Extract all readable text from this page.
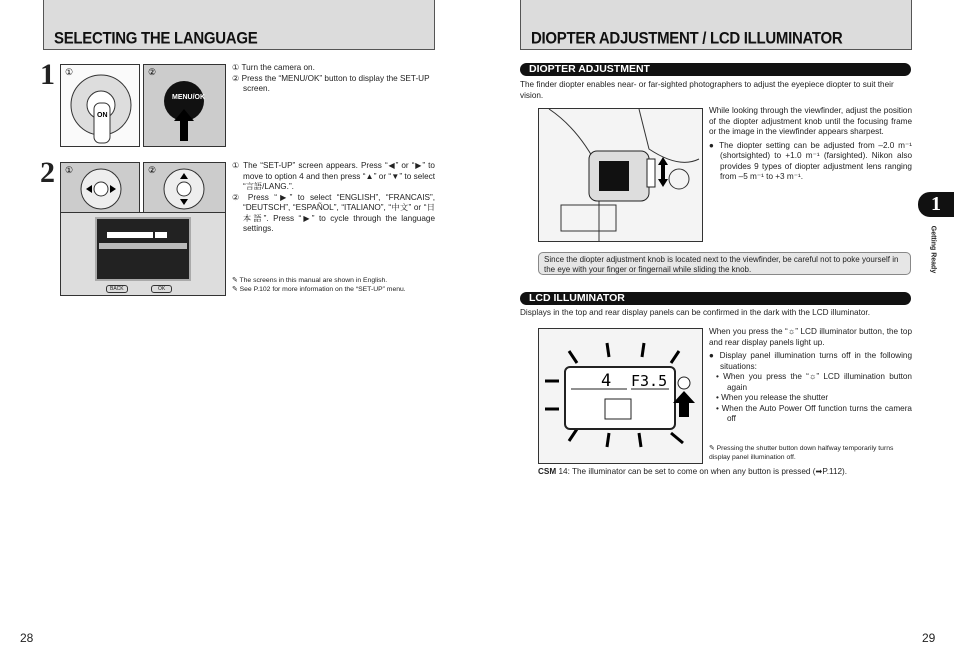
SELECTING THE LANGUAGE
1
ON
①
MENU/OK
②	① Turn the camera on.

② Press the “MENU/OK” button to display the SET-UP screen.

2 ①	②
BACK	OK

① The “SET-UP” screen appears. Press “◀” or “▶” to move to option 4 and then press “▲” or “▼” to select “言語/LANG.”.

② Press “▶” to select “ENGLISH”, “FRANCAIS”, “DEUTSCH”, “ESPAÑOL”, “ITALIANO”, “中文” or “日本語”. Press “▶” to cycle through the language settings.

✎ The screens in this manual are shown in English.

✎ See P.102 for more information on the “SET-UP” menu.

28
DIOPTER ADJUSTMENT / LCD ILLUMINATOR
DIOPTER ADJUSTMENT
The finder diopter enables near- or far-sighted photographers to adjust the eyepiece diopter to suit their vision.

While looking through the viewfinder, adjust the position of the diopter adjustment knob until the focusing frame or the image in the viewfinder appears sharpest.

● The diopter setting can be adjusted from –2.0 m⁻¹ (shortsighted) to +1.0 m⁻¹ (farsighted). Nikon also provides 9 types of diopter adjustment lens ranging from –5 m⁻¹ to +3 m⁻¹.

Since the diopter adjustment knob is located next to the viewfinder, be careful not to poke yourself in the eye with your finger or fingernail while sliding the knob.
LCD ILLUMINATOR
Displays in the top and rear display panels can be confirmed in the dark with the LCD illuminator.
4 F3.5

When you press the “☼” LCD illuminator button, the top and rear display panels light up.

● Display panel illumination turns off in the following situations:

• When you press the “☼” LCD illumination button again

• When you release the shutter

• When the Auto Power Off function turns the camera off

✎ Pressing the shutter button down halfway temporarily turns display panel illumination off.
CSM 14: The illuminator can be set to come on when any button is pressed (➡P.112).
1
Getting Ready
29
